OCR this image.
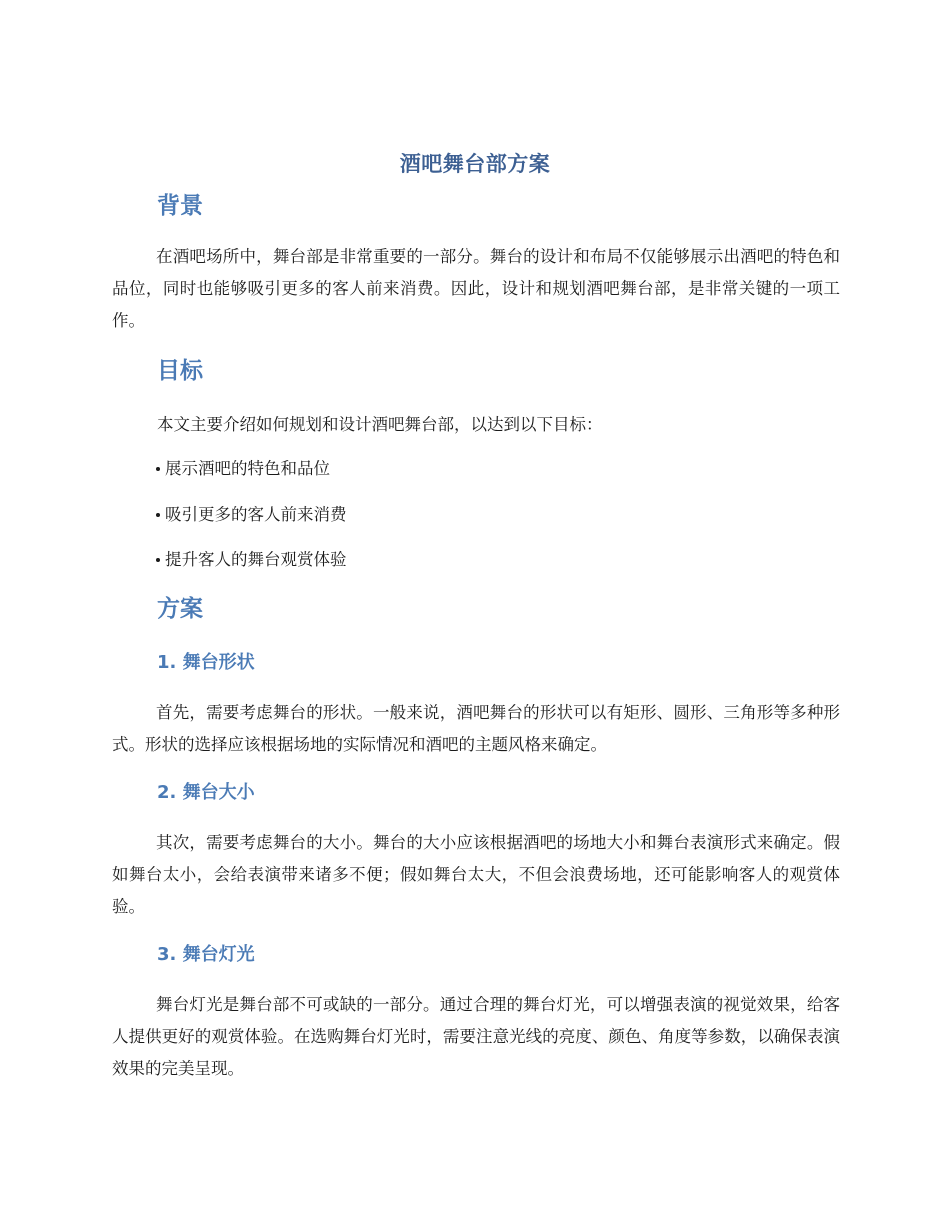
酒吧舞台部方案
背景

在酒吧场所中，舞台部是非常重要的一部分。舞台的设计和布局不仅能够展示出酒吧的特色和品位，同时也能够吸引更多的客人前来消费。因此，设计和规划酒吧舞台部，是非常关键的一项工作。

目标

本文主要介绍如何规划和设计酒吧舞台部，以达到以下目标：

展示酒吧的特色和品位
吸引更多的客人前来消费
提升客人的舞台观赏体验
方案
1. 舞台形状

首先，需要考虑舞台的形状。一般来说，酒吧舞台的形状可以有矩形、圆形、三角形等多种形式。形状的选择应该根据场地的实际情况和酒吧的主题风格来确定。

2. 舞台大小

其次，需要考虑舞台的大小。舞台的大小应该根据酒吧的场地大小和舞台表演形式来确定。假如舞台太小，会给表演带来诸多不便；假如舞台太大，不但会浪费场地，还可能影响客人的观赏体验。

3. 舞台灯光

舞台灯光是舞台部不可或缺的一部分。通过合理的舞台灯光，可以增强表演的视觉效果，给客人提供更好的观赏体验。在选购舞台灯光时，需要注意光线的亮度、颜色、角度等参数，以确保表演效果的完美呈现。
